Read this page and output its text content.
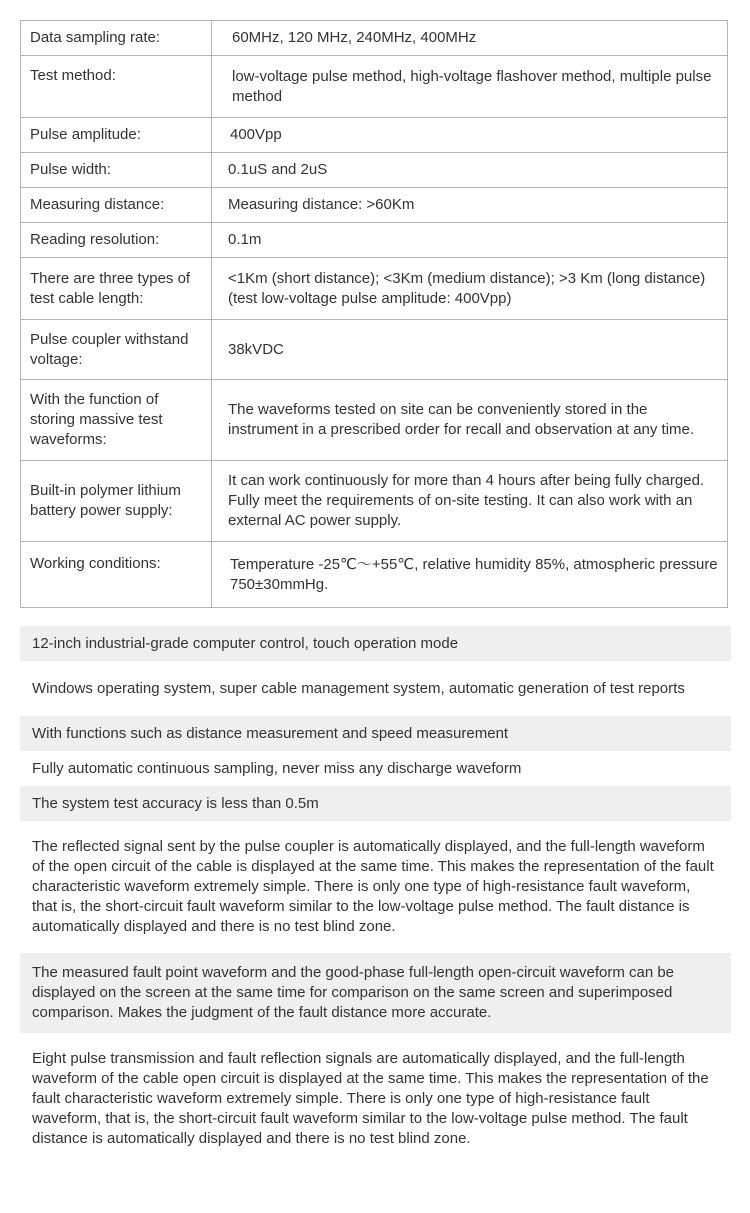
Data sampling rate:	60MHz, 120 MHz, 240MHz, 400MHz
Test method:	low-voltage pulse method, high-voltage flashover method, multiple pulse method
Pulse amplitude:	400Vpp
Pulse width:	0.1uS and 2uS
Measuring distance:	Measuring distance: >60Km
Reading resolution:	0.1m
There are three types of test cable length:	<1Km (short distance); <3Km (medium distance); >3 Km (long distance) (test low-voltage pulse amplitude: 400Vpp)
Pulse coupler withstand voltage:	38kVDC
With the function of storing massive test waveforms:	The waveforms tested on site can be conveniently stored in the instrument in a prescribed order for recall and observation at any time.
Built-in polymer lithium battery power supply:	It can work continuously for more than 4 hours after being fully charged. Fully meet the requirements of on-site testing. It can also work with an external AC power supply.
Working conditions:	Temperature -25℃～+55℃, relative humidity 85%, atmospheric pressure 750±30mmHg.
12-inch industrial-grade computer control, touch operation mode
Windows operating system, super cable management system, automatic generation of test reports
With functions such as distance measurement and speed measurement
Fully automatic continuous sampling, never miss any discharge waveform
The system test accuracy is less than 0.5m
The reflected signal sent by the pulse coupler is automatically displayed, and the full-length waveform of the open circuit of the cable is displayed at the same time. This makes the representation of the fault characteristic waveform extremely simple. There is only one type of high-resistance fault waveform, that is, the short-circuit fault waveform similar to the low-voltage pulse method. The fault distance is automatically displayed and there is no test blind zone.
The measured fault point waveform and the good-phase full-length open-circuit waveform can be displayed on the screen at the same time for comparison on the same screen and superimposed comparison. Makes the judgment of the fault distance more accurate.
Eight pulse transmission and fault reflection signals are automatically displayed, and the full-length waveform of the cable open circuit is displayed at the same time. This makes the representation of the fault characteristic waveform extremely simple. There is only one type of high-resistance fault waveform, that is, the short-circuit fault waveform similar to the low-voltage pulse method. The fault distance is automatically displayed and there is no test blind zone.
